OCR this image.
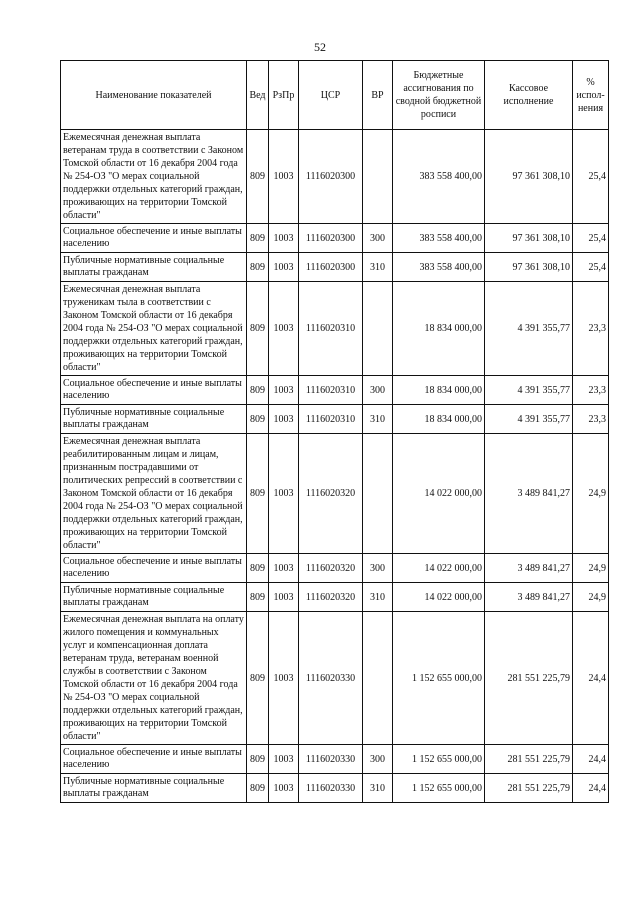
52
Наименование показателей	Вед	РзПр	ЦСР	ВР	Бюджетные ассигнования по сводной бюджетной росписи	Кассовое исполнение	% испол-нения
Ежемесячная денежная выплата ветеранам труда в соответствии с Законом Томской области от 16 декабря 2004 года № 254-ОЗ "О мерах социальной поддержки отдельных категорий граждан, проживающих на территории Томской области"	809	1003	1116020300		383 558 400,00	97 361 308,10	25,4
Социальное обеспечение и иные выплаты населению	809	1003	1116020300	300	383 558 400,00	97 361 308,10	25,4
Публичные нормативные социальные выплаты гражданам	809	1003	1116020300	310	383 558 400,00	97 361 308,10	25,4
Ежемесячная денежная выплата труженикам тыла в соответствии с Законом Томской области от 16 декабря 2004 года № 254-ОЗ "О мерах социальной поддержки отдельных категорий граждан, проживающих на территории Томской области"	809	1003	1116020310		18 834 000,00	4 391 355,77	23,3
Социальное обеспечение и иные выплаты населению	809	1003	1116020310	300	18 834 000,00	4 391 355,77	23,3
Публичные нормативные социальные выплаты гражданам	809	1003	1116020310	310	18 834 000,00	4 391 355,77	23,3
Ежемесячная денежная выплата реабилитированным лицам и лицам, признанным пострадавшими от политических репрессий в соответствии с Законом Томской области от 16 декабря 2004 года № 254-ОЗ "О мерах социальной поддержки отдельных категорий граждан, проживающих на территории Томской области"	809	1003	1116020320		14 022 000,00	3 489 841,27	24,9
Социальное обеспечение и иные выплаты населению	809	1003	1116020320	300	14 022 000,00	3 489 841,27	24,9
Публичные нормативные социальные выплаты гражданам	809	1003	1116020320	310	14 022 000,00	3 489 841,27	24,9
Ежемесячная денежная выплата на оплату жилого помещения и коммунальных услуг и компенсационная доплата ветеранам труда, ветеранам военной службы в соответствии с Законом Томской области от 16 декабря 2004 года № 254-ОЗ "О мерах социальной поддержки отдельных категорий граждан, проживающих на территории Томской области"	809	1003	1116020330		1 152 655 000,00	281 551 225,79	24,4
Социальное обеспечение и иные выплаты населению	809	1003	1116020330	300	1 152 655 000,00	281 551 225,79	24,4
Публичные нормативные социальные выплаты гражданам	809	1003	1116020330	310	1 152 655 000,00	281 551 225,79	24,4
